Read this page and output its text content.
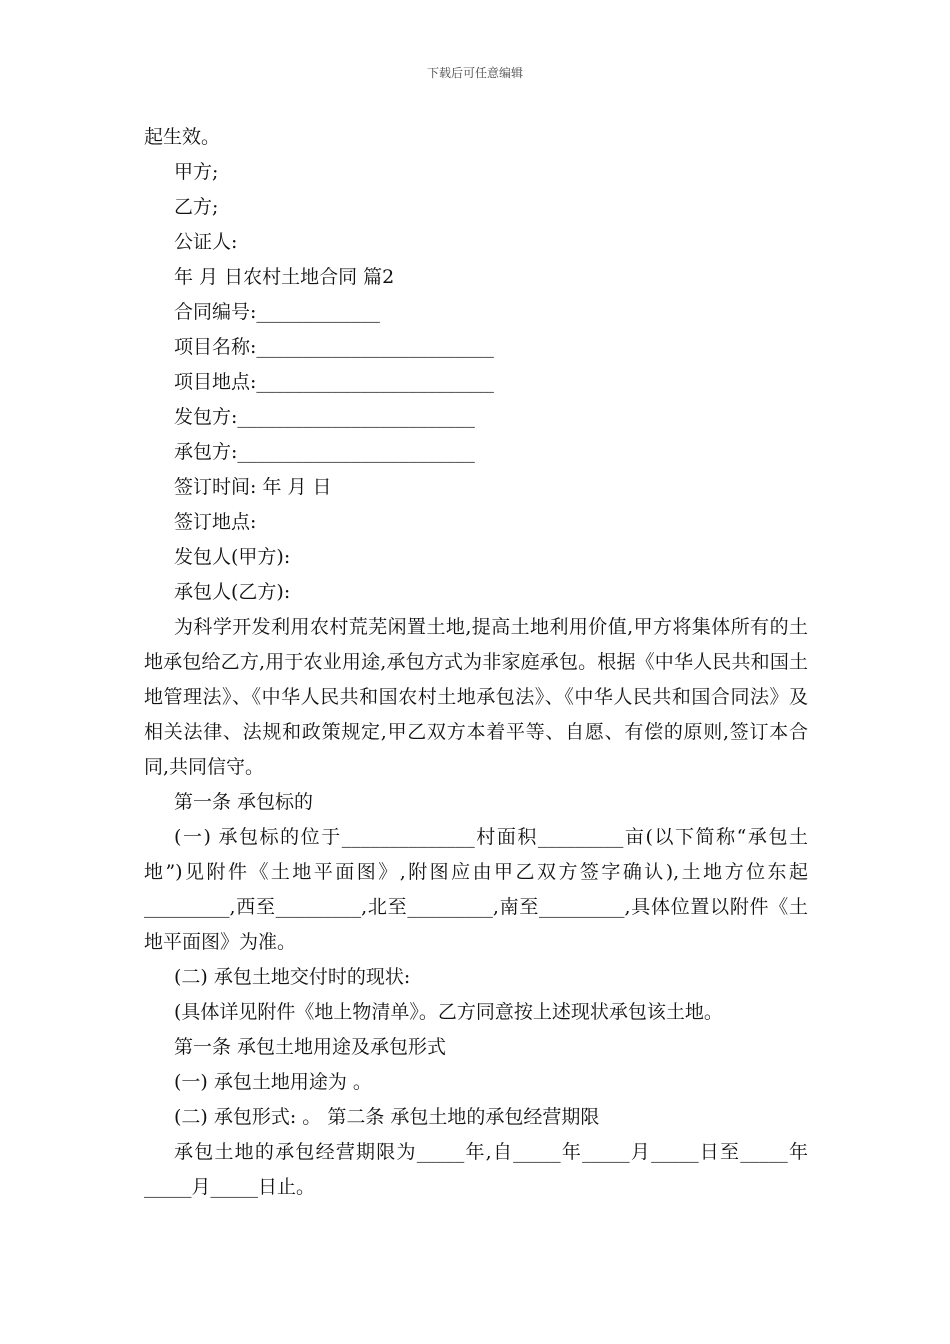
下载后可任意编辑

起生效。

甲方;

乙方;

公证人:

年 月 日农村土地合同 篇2

合同编号:_____________

项目名称:_________________________

项目地点:_________________________

发包方:_________________________

承包方:_________________________

签订时间: 年 月 日

签订地点:

发包人(甲方):

承包人(乙方):

为科学开发利用农村荒芜闲置土地,提高土地利用价值,甲方将集体所有的土地承包给乙方,用于农业用途,承包方式为非家庭承包。根据《中华人民共和国土地管理法》、《中华人民共和国农村土地承包法》、《中华人民共和国合同法》及相关法律、法规和政策规定,甲乙双方本着平等、自愿、有偿的原则,签订本合同,共同信守。

第一条 承包标的

(一) 承包标的位于______________村面积_________亩(以下简称“承包土地”)见附件《土地平面图》,附图应由甲乙双方签字确认),土地方位东起_________,西至_________,北至_________,南至_________,具体位置以附件《土地平面图》为准。

(二) 承包土地交付时的现状:

(具体详见附件《地上物清单》。乙方同意按上述现状承包该土地。

第一条 承包土地用途及承包形式

(一) 承包土地用途为 。

(二) 承包形式: 。 第二条 承包土地的承包经营期限

承包土地的承包经营期限为_____年,自_____年_____月_____日至_____年_____月_____日止。
